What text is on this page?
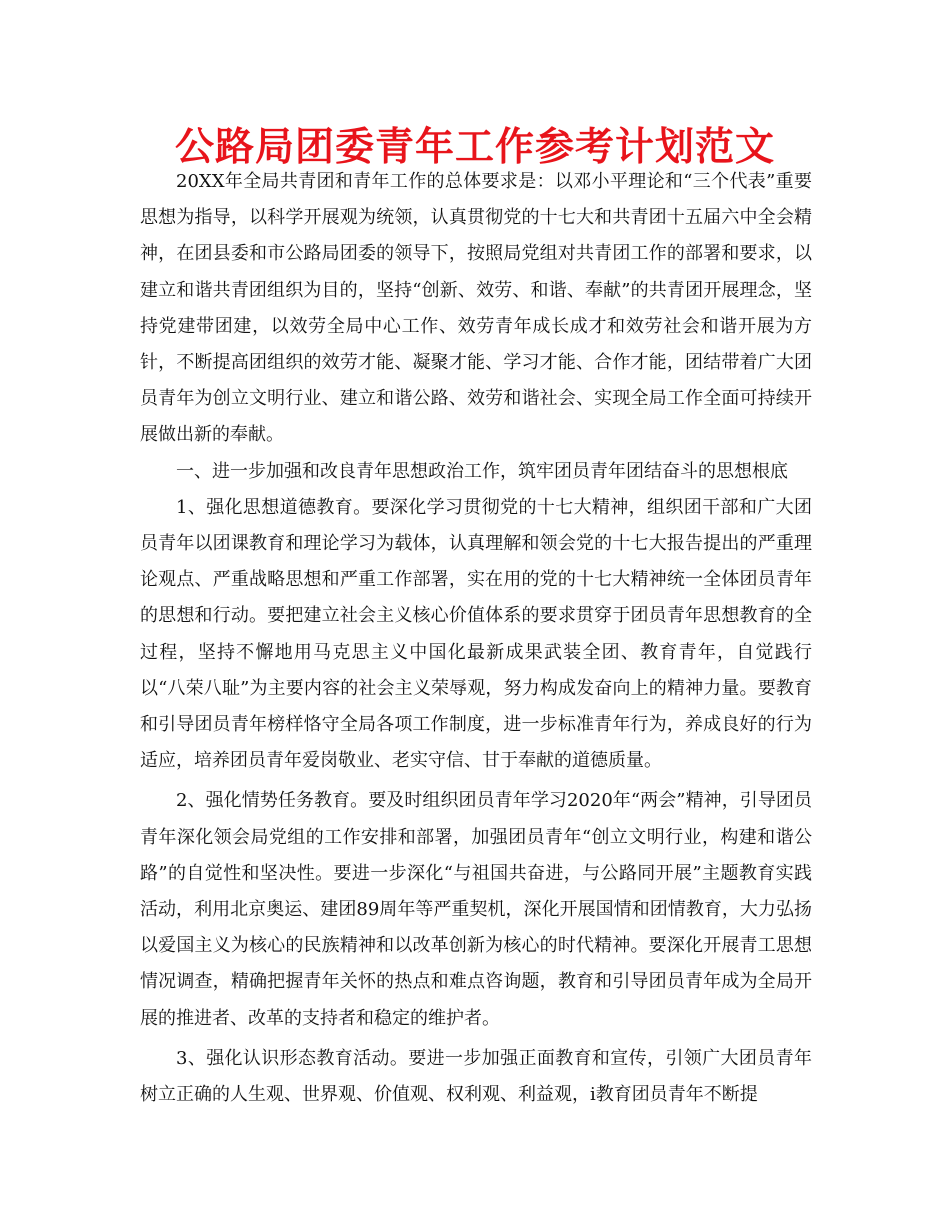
公路局团委青年工作参考计划范文

20XX年全局共青团和青年工作的总体要求是：以邓小平理论和“三个代表”重要思想为指导，以科学开展观为统领，认真贯彻党的十七大和共青团十五届六中全会精神，在团县委和市公路局团委的领导下，按照局党组对共青团工作的部署和要求，以建立和谐共青团组织为目的，坚持“创新、效劳、和谐、奉献”的共青团开展理念，坚持党建带团建，以效劳全局中心工作、效劳青年成长成才和效劳社会和谐开展为方针，不断提高团组织的效劳才能、凝聚才能、学习才能、合作才能，团结带着广大团员青年为创立文明行业、建立和谐公路、效劳和谐社会、实现全局工作全面可持续开展做出新的奉献。

一、进一步加强和改良青年思想政治工作，筑牢团员青年团结奋斗的思想根底

1、强化思想道德教育。要深化学习贯彻党的十七大精神，组织团干部和广大团员青年以团课教育和理论学习为载体，认真理解和领会党的十七大报告提出的严重理论观点、严重战略思想和严重工作部署，实在用的党的十七大精神统一全体团员青年的思想和行动。要把建立社会主义核心价值体系的要求贯穿于团员青年思想教育的全过程，坚持不懈地用马克思主义中国化最新成果武装全团、教育青年，自觉践行以“八荣八耻”为主要内容的社会主义荣辱观，努力构成发奋向上的精神力量。要教育和引导团员青年榜样恪守全局各项工作制度，进一步标准青年行为，养成良好的行为适应，培养团员青年爱岗敬业、老实守信、甘于奉献的道德质量。

2、强化情势任务教育。要及时组织团员青年学习2020年“两会”精神，引导团员青年深化领会局党组的工作安排和部署，加强团员青年“创立文明行业，构建和谐公路”的自觉性和坚决性。要进一步深化“与祖国共奋进，与公路同开展”主题教育实践活动，利用北京奥运、建团89周年等严重契机，深化开展国情和团情教育，大力弘扬以爱国主义为核心的民族精神和以改革创新为核心的时代精神。要深化开展青工思想情况调查，精确把握青年关怀的热点和难点咨询题，教育和引导团员青年成为全局开展的推进者、改革的支持者和稳定的维护者。

3、强化认识形态教育活动。要进一步加强正面教育和宣传，引领广大团员青年树立正确的人生观、世界观、价值观、权利观、利益观，i教育团员青年不断提
